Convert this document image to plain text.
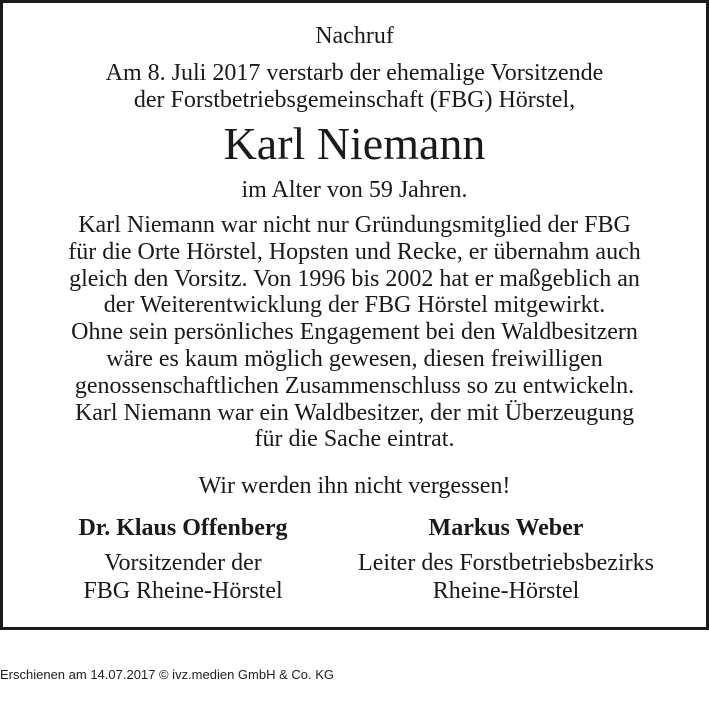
Nachruf
Am 8. Juli 2017 verstarb der ehemalige Vorsitzende
der Forstbetriebsgemeinschaft (FBG) Hörstel,
Karl Niemann
im Alter von 59 Jahren.
Karl Niemann war nicht nur Gründungsmitglied der FBG
für die Orte Hörstel, Hopsten und Recke, er übernahm auch
gleich den Vorsitz. Von 1996 bis 2002 hat er maßgeblich an
der Weiterentwicklung der FBG Hörstel mitgewirkt.
Ohne sein persönliches Engagement bei den Waldbesitzern
wäre es kaum möglich gewesen, diesen freiwilligen
genossenschaftlichen Zusammenschluss so zu entwickeln.
Karl Niemann war ein Waldbesitzer, der mit Überzeugung
für die Sache eintrat.
Wir werden ihn nicht vergessen!
Dr. Klaus Offenberg
Vorsitzender der
FBG Rheine-Hörstel
Markus Weber
Leiter des Forstbetriebsbezirks
Rheine-Hörstel
Erschienen am 14.07.2017 © ivz.medien GmbH & Co. KG
